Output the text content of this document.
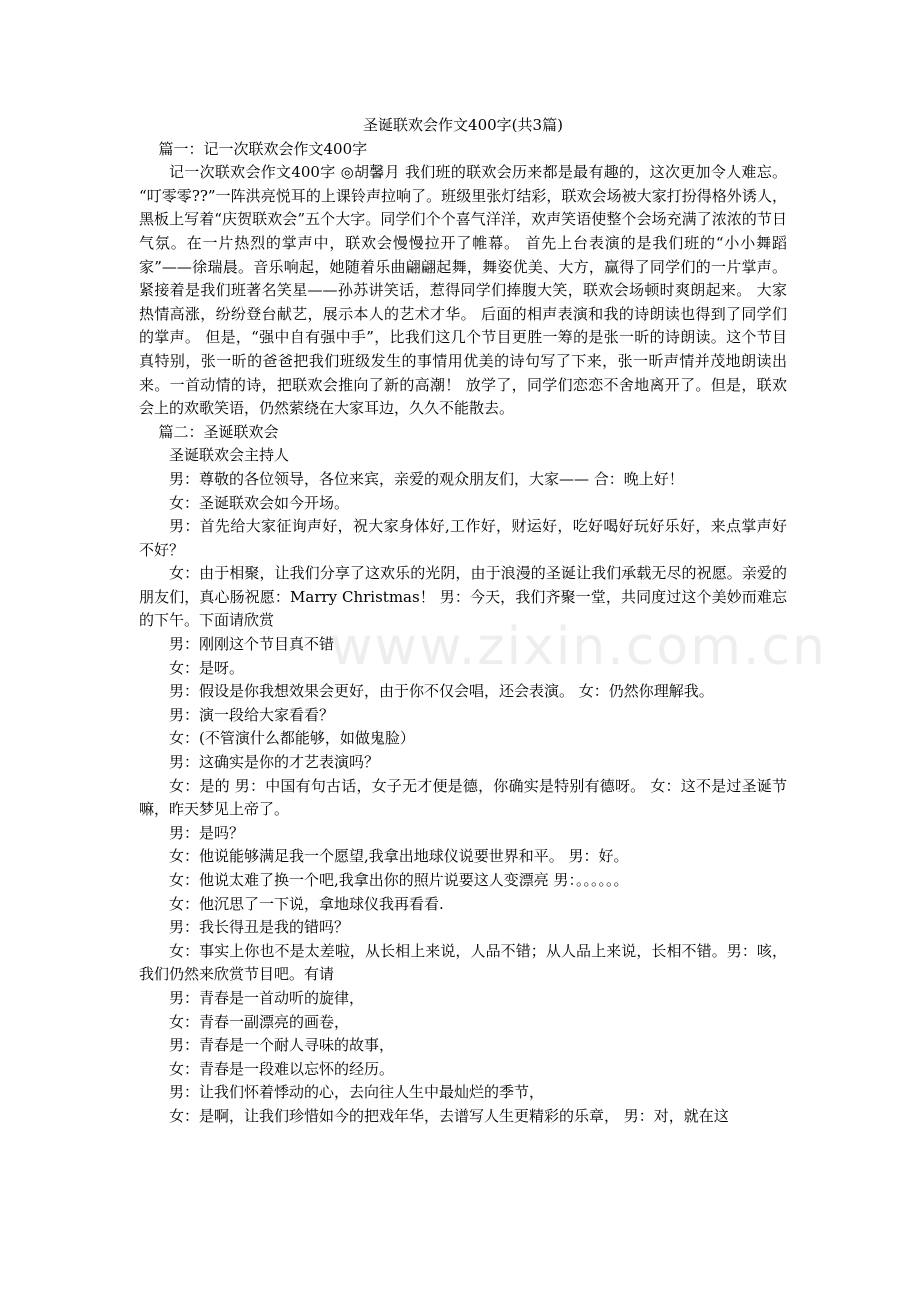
www.zixin.com.cn

圣诞联欢会作文400字(共3篇)

篇一：记一次联欢会作文400字

记一次联欢会作文400字 ◎胡馨月 我们班的联欢会历来都是最有趣的，这次更加令人难忘。 “叮零零??”一阵洪亮悦耳的上课铃声拉响了。班级里张灯结彩，联欢会场被大家打扮得格外诱人，黑板上写着“庆贺联欢会”五个大字。同学们个个喜气洋洋，欢声笑语使整个会场充满了浓浓的节日气氛。在一片热烈的掌声中，联欢会慢慢拉开了帷幕。 首先上台表演的是我们班的“小小舞蹈家”——徐瑞晨。音乐响起，她随着乐曲翩翩起舞，舞姿优美、大方，赢得了同学们的一片掌声。紧接着是我们班著名笑星——孙苏讲笑话，惹得同学们捧腹大笑，联欢会场顿时爽朗起来。 大家热情高涨，纷纷登台献艺，展示本人的艺术才华。 后面的相声表演和我的诗朗读也得到了同学们的掌声。 但是，“强中自有强中手”，比我们这几个节目更胜一筹的是张一昕的诗朗读。这个节目真特别，张一昕的爸爸把我们班级发生的事情用优美的诗句写了下来，张一昕声情并茂地朗读出来。一首动情的诗，把联欢会推向了新的高潮！ 放学了，同学们恋恋不舍地离开了。但是，联欢会上的欢歌笑语，仍然萦绕在大家耳边，久久不能散去。

篇二：圣诞联欢会

圣诞联欢会主持人

男：尊敬的各位领导，各位来宾，亲爱的观众朋友们，大家—— 合：晚上好！

女：圣诞联欢会如今开场。

男：首先给大家征询声好，祝大家身体好,工作好，财运好，吃好喝好玩好乐好，来点掌声好不好？

女：由于相聚，让我们分享了这欢乐的光阴，由于浪漫的圣诞让我们承载无尽的祝愿。亲爱的朋友们，真心肠祝愿：Marry Christmas！ 男：今天，我们齐聚一堂，共同度过这个美妙而难忘的下午。下面请欣赏

男：刚刚这个节目真不错

女：是呀。

男：假设是你我想效果会更好，由于你不仅会唱，还会表演。 女：仍然你理解我。

男：演一段给大家看看？

女：(不管演什么都能够，如做鬼脸）

男：这确实是你的才艺表演吗？

女：是的 男：中国有句古话，女子无才便是德，你确实是特别有德呀。 女：这不是过圣诞节嘛，昨天梦见上帝了。

男：是吗？

女：他说能够满足我一个愿望,我拿出地球仪说要世界和平。 男：好。

女：他说太难了换一个吧,我拿出你的照片说要这人变漂亮 男：。。。。。。

女：他沉思了一下说，拿地球仪我再看看.

男：我长得丑是我的错吗？

女：事实上你也不是太差啦，从长相上来说，人品不错；从人品上来说，长相不错。男：咳，我们仍然来欣赏节目吧。有请

男：青春是一首动听的旋律，

女：青春一副漂亮的画卷，

男：青春是一个耐人寻味的故事，

女：青春是一段难以忘怀的经历。

男：让我们怀着悸动的心，去向往人生中最灿烂的季节，

女：是啊，让我们珍惜如今的把戏年华，去谱写人生更精彩的乐章， 男：对，就在这
